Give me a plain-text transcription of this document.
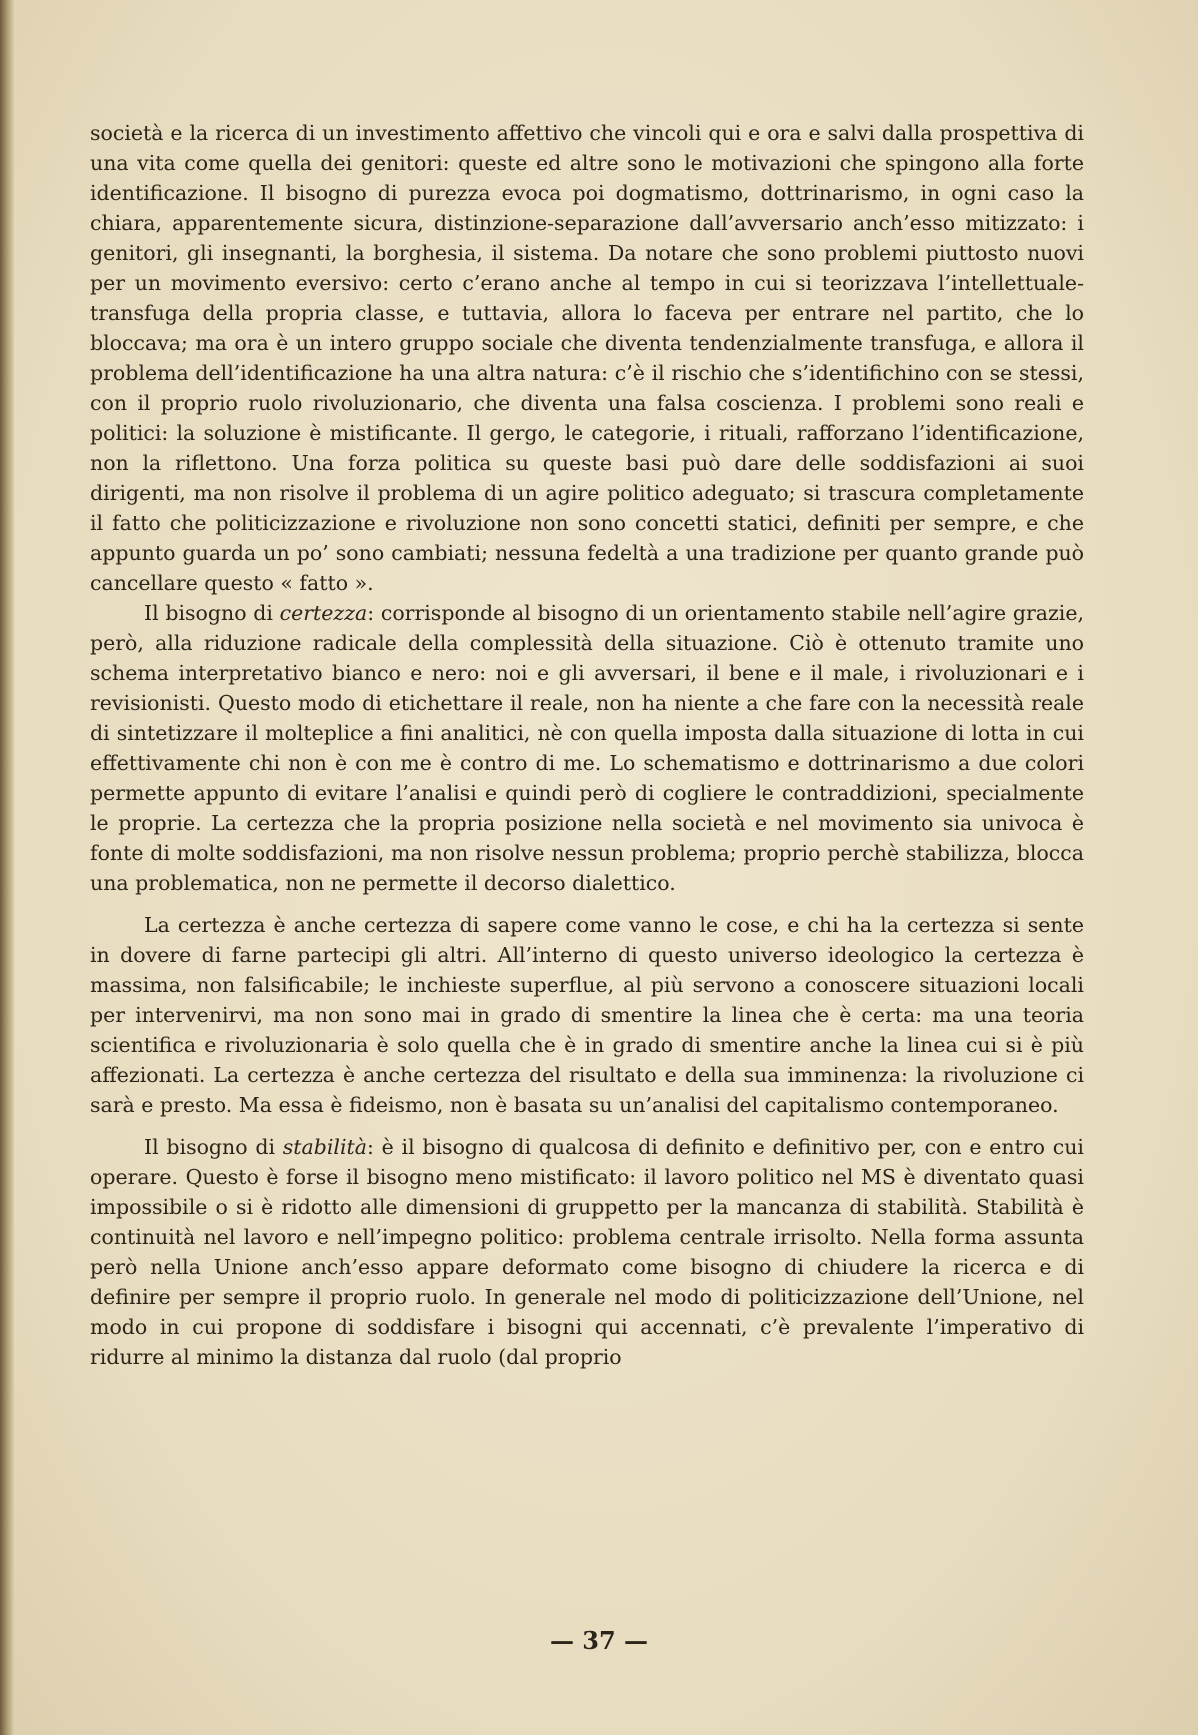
società e la ricerca di un investimento affettivo che vincoli qui e ora e salvi dalla prospettiva di una vita come quella dei genitori: queste ed altre sono le motivazioni che spingono alla forte identificazione. Il bisogno di purezza evoca poi dogmatismo, dottrinarismo, in ogni caso la chiara, apparentemente sicura, distinzione-separazione dall’avversario anch’esso mitizzato: i genitori, gli insegnanti, la borghesia, il sistema. Da notare che sono problemi piuttosto nuovi per un movimento eversivo: certo c’erano anche al tempo in cui si teorizzava l’intellettuale-transfuga della propria classe, e tuttavia, allora lo faceva per entrare nel partito, che lo bloccava; ma ora è un intero gruppo sociale che diventa tendenzialmente transfuga, e allora il problema dell’identificazione ha una altra natura: c’è il rischio che s’identifichino con se stessi, con il proprio ruolo rivoluzionario, che diventa una falsa coscienza. I problemi sono reali e politici: la soluzione è mistificante. Il gergo, le categorie, i rituali, rafforzano l’identificazione, non la riflettono. Una forza politica su queste basi può dare delle soddisfazioni ai suoi dirigenti, ma non risolve il problema di un agire politico adeguato; si trascura completamente il fatto che politicizzazione e rivoluzione non sono concetti statici, definiti per sempre, e che appunto guarda un po’ sono cambiati; nessuna fedeltà a una tradizione per quanto grande può cancellare questo « fatto ».

Il bisogno di certezza: corrisponde al bisogno di un orientamento stabile nell’agire grazie, però, alla riduzione radicale della complessità della situazione. Ciò è ottenuto tramite uno schema interpretativo bianco e nero: noi e gli avversari, il bene e il male, i rivoluzionari e i revisionisti. Questo modo di etichettare il reale, non ha niente a che fare con la necessità reale di sintetizzare il molteplice a fini analitici, nè con quella imposta dalla situazione di lotta in cui effettivamente chi non è con me è contro di me. Lo schematismo e dottrinarismo a due colori permette appunto di evitare l’analisi e quindi però di cogliere le contraddizioni, specialmente le proprie. La certezza che la propria posizione nella società e nel movimento sia univoca è fonte di molte soddisfazioni, ma non risolve nessun problema; proprio perchè stabilizza, blocca una problematica, non ne permette il decorso dialettico.

La certezza è anche certezza di sapere come vanno le cose, e chi ha la certezza si sente in dovere di farne partecipi gli altri. All’interno di questo universo ideologico la certezza è massima, non falsificabile; le inchieste superflue, al più servono a conoscere situazioni locali per intervenirvi, ma non sono mai in grado di smentire la linea che è certa: ma una teoria scientifica e rivoluzionaria è solo quella che è in grado di smentire anche la linea cui si è più affezionati. La certezza è anche certezza del risultato e della sua imminenza: la rivoluzione ci sarà e presto. Ma essa è fideismo, non è basata su un’analisi del capitalismo contemporaneo.

Il bisogno di stabilità: è il bisogno di qualcosa di definito e definitivo per, con e entro cui operare. Questo è forse il bisogno meno mistificato: il lavoro politico nel MS è diventato quasi impossibile o si è ridotto alle dimensioni di gruppetto per la mancanza di stabilità. Stabilità è continuità nel lavoro e nell’impegno politico: problema centrale irrisolto. Nella forma assunta però nella Unione anch’esso appare deformato come bisogno di chiudere la ricerca e di definire per sempre il proprio ruolo. In generale nel modo di politicizzazione dell’Unione, nel modo in cui propone di soddisfare i bisogni qui accennati, c’è prevalente l’imperativo di ridurre al minimo la distanza dal ruolo (dal proprio

— 37 —
